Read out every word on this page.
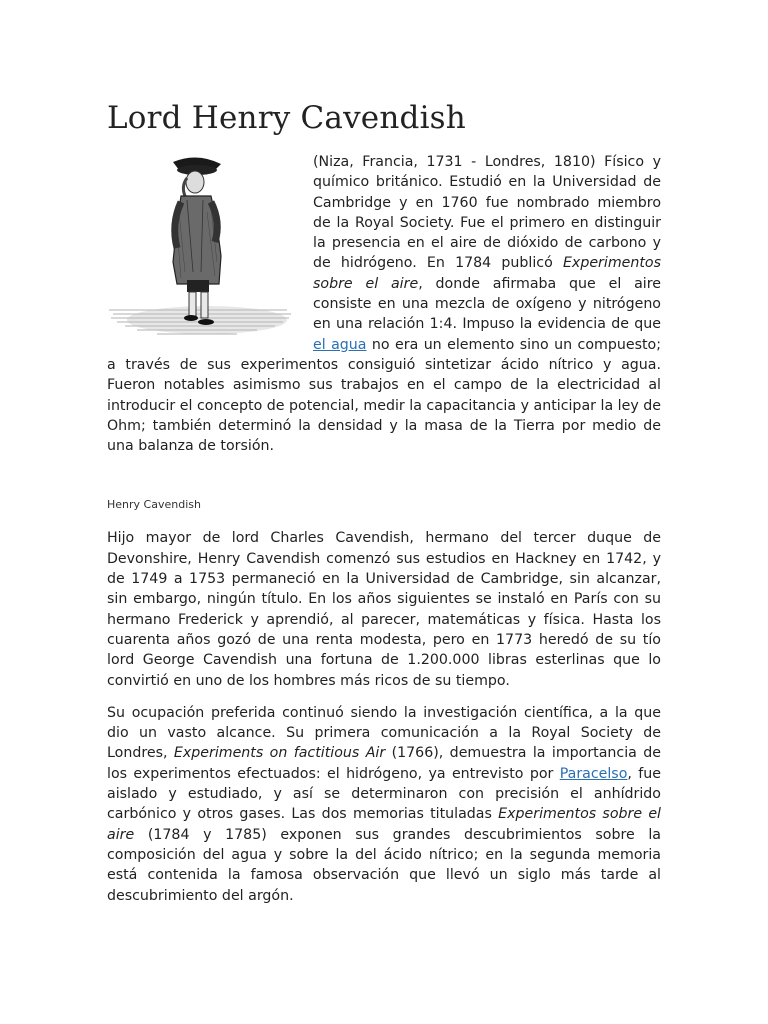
Lord Henry Cavendish

(Niza, Francia, 1731 - Londres, 1810) Físico y químico británico. Estudió en la Universidad de Cambridge y en 1760 fue nombrado miembro de la Royal Society. Fue el primero en distinguir la presencia en el aire de dióxido de carbono y de hidrógeno. En 1784 publicó Experimentos sobre el aire, donde afirmaba que el aire consiste en una mezcla de oxígeno y nitrógeno en una relación 1:4. Impuso la evidencia de que el agua no era un elemento sino un compuesto; a través de sus experimentos consiguió sintetizar ácido nítrico y agua. Fueron notables asimismo sus trabajos en el campo de la electricidad al introducir el concepto de potencial, medir la capacitancia y anticipar la ley de Ohm; también determinó la densidad y la masa de la Tierra por medio de una balanza de torsión.

Henry Cavendish

Hijo mayor de lord Charles Cavendish, hermano del tercer duque de Devonshire, Henry Cavendish comenzó sus estudios en Hackney en 1742, y de 1749 a 1753 permaneció en la Universidad de Cambridge, sin alcanzar, sin embargo, ningún título. En los años siguientes se instaló en París con su hermano Frederick y aprendió, al parecer, matemáticas y física. Hasta los cuarenta años gozó de una renta modesta, pero en 1773 heredó de su tío lord George Cavendish una fortuna de 1.200.000 libras esterlinas que lo convirtió en uno de los hombres más ricos de su tiempo.

Su ocupación preferida continuó siendo la investigación científica, a la que dio un vasto alcance. Su primera comunicación a la Royal Society de Londres, Experiments on factitious Air (1766), demuestra la importancia de los experimentos efectuados: el hidrógeno, ya entrevisto por Paracelso, fue aislado y estudiado, y así se determinaron con precisión el anhídrido carbónico y otros gases. Las dos memorias tituladas Experimentos sobre el aire (1784 y 1785) exponen sus grandes descubrimientos sobre la composición del agua y sobre la del ácido nítrico; en la segunda memoria está contenida la famosa observación que llevó un siglo más tarde al descubrimiento del argón.
